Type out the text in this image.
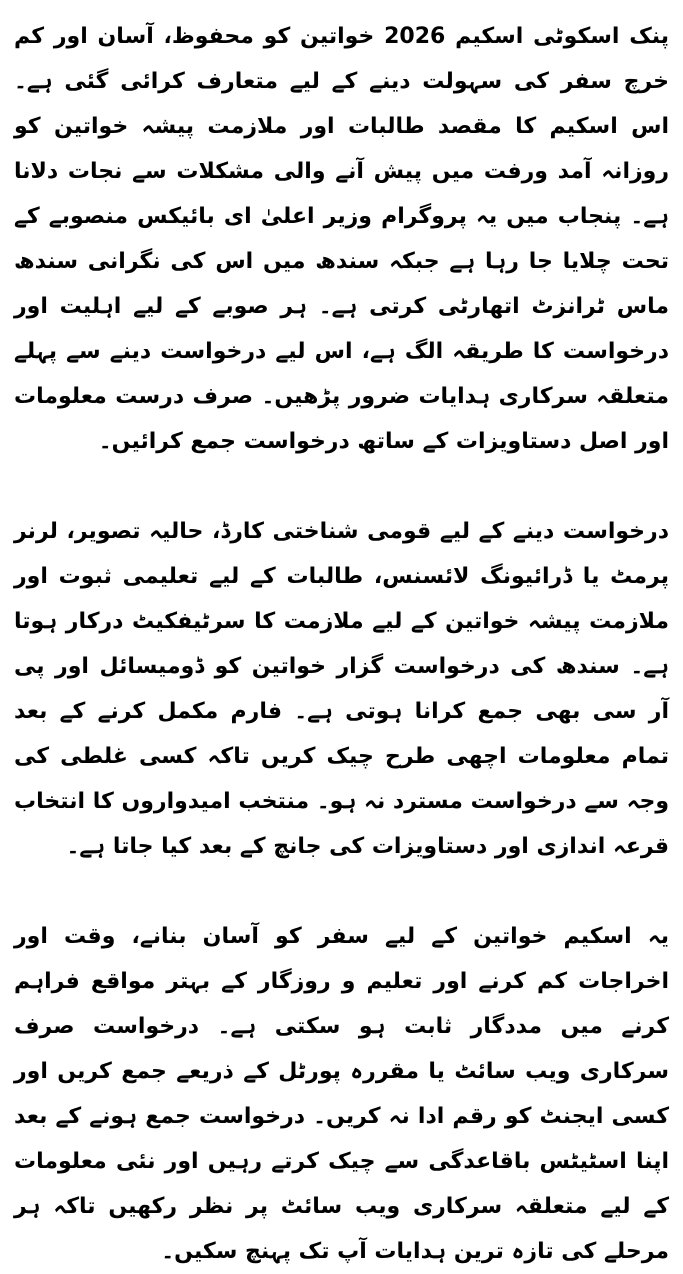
پنک اسکوٹی اسکیم 2026 خواتین کو محفوظ، آسان اور کم خرچ سفر کی سہولت دینے کے لیے متعارف کرائی گئی ہے۔ اس اسکیم کا مقصد طالبات اور ملازمت پیشہ خواتین کو روزانہ آمد ورفت میں پیش آنے والی مشکلات سے نجات دلانا ہے۔ پنجاب میں یہ پروگرام وزیر اعلیٰ ای بائیکس منصوبے کے تحت چلایا جا رہا ہے جبکہ سندھ میں اس کی نگرانی سندھ ماس ٹرانزٹ اتھارٹی کرتی ہے۔ ہر صوبے کے لیے اہلیت اور درخواست کا طریقہ الگ ہے، اس لیے درخواست دینے سے پہلے متعلقہ سرکاری ہدایات ضرور پڑھیں۔ صرف درست معلومات اور اصل دستاویزات کے ساتھ درخواست جمع کرائیں۔

درخواست دینے کے لیے قومی شناختی کارڈ، حالیہ تصویر، لرنر پرمٹ یا ڈرائیونگ لائسنس، طالبات کے لیے تعلیمی ثبوت اور ملازمت پیشہ خواتین کے لیے ملازمت کا سرٹیفکیٹ درکار ہوتا ہے۔ سندھ کی درخواست گزار خواتین کو ڈومیسائل اور پی آر سی بھی جمع کرانا ہوتی ہے۔ فارم مکمل کرنے کے بعد تمام معلومات اچھی طرح چیک کریں تاکہ کسی غلطی کی وجہ سے درخواست مسترد نہ ہو۔ منتخب امیدواروں کا انتخاب قرعہ اندازی اور دستاویزات کی جانچ کے بعد کیا جاتا ہے۔

یہ اسکیم خواتین کے لیے سفر کو آسان بنانے، وقت اور اخراجات کم کرنے اور تعلیم و روزگار کے بہتر مواقع فراہم کرنے میں مددگار ثابت ہو سکتی ہے۔ درخواست صرف سرکاری ویب سائٹ یا مقررہ پورٹل کے ذریعے جمع کریں اور کسی ایجنٹ کو رقم ادا نہ کریں۔ درخواست جمع ہونے کے بعد اپنا اسٹیٹس باقاعدگی سے چیک کرتے رہیں اور نئی معلومات کے لیے متعلقہ سرکاری ویب سائٹ پر نظر رکھیں تاکہ ہر مرحلے کی تازہ ترین ہدایات آپ تک پہنچ سکیں۔
